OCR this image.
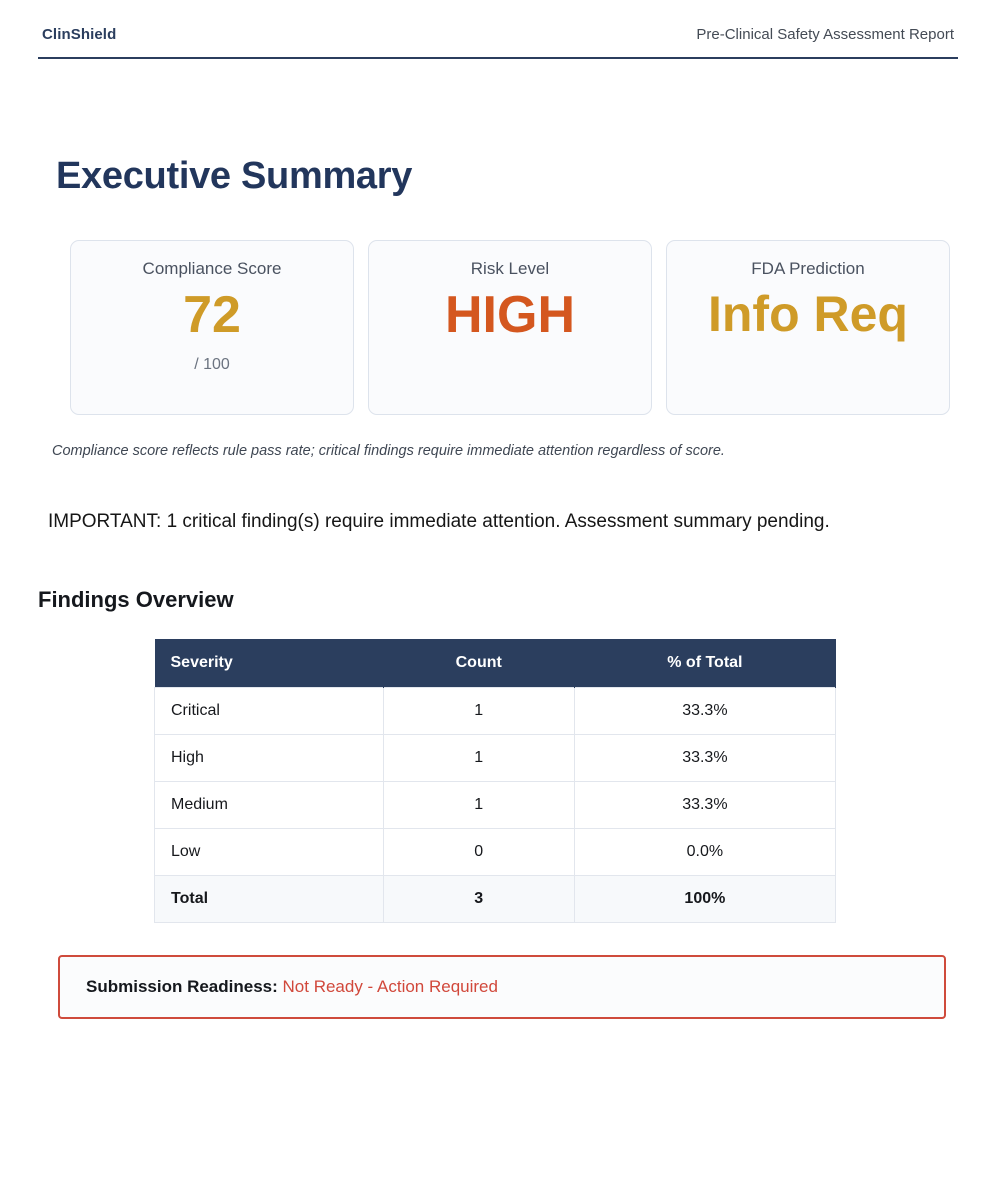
ClinShield	Pre-Clinical Safety Assessment Report
Executive Summary
Compliance Score
72
/ 100
Risk Level
HIGH
FDA Prediction
Info Req
Compliance score reflects rule pass rate; critical findings require immediate attention regardless of score.
IMPORTANT: 1 critical finding(s) require immediate attention. Assessment summary pending.
Findings Overview
Severity	Count	% of Total
Critical	1	33.3%
High	1	33.3%
Medium	1	33.3%
Low	0	0.0%
Total	3	100%
Submission Readiness: Not Ready - Action Required
